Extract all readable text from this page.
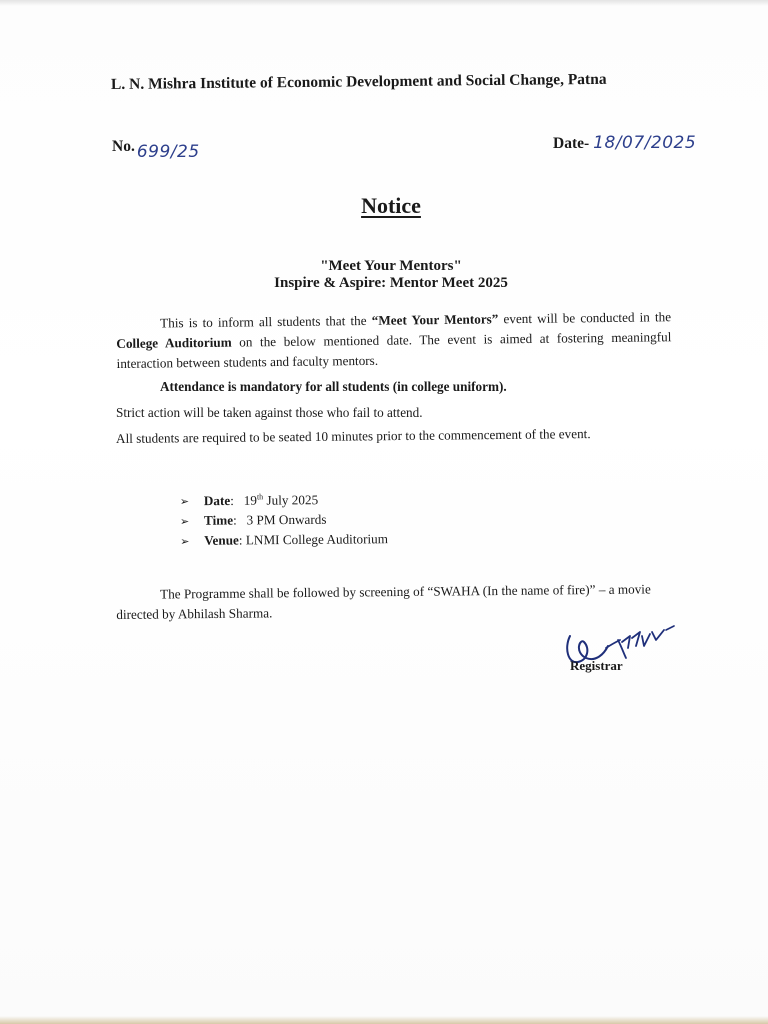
L. N. Mishra Institute of Economic Development and Social Change, Patna
No. 699/25	Date- 18/07/2025
Notice
"Meet Your Mentors"
Inspire & Aspire: Mentor Meet 2025
This is to inform all students that the “Meet Your Mentors” event will be conducted in the College Auditorium on the below mentioned date. The event is aimed at fostering meaningful interaction between students and faculty mentors.
Attendance is mandatory for all students (in college uniform).
Strict action will be taken against those who fail to attend.
All students are required to be seated 10 minutes prior to the commencement of the event.
➢ Date:   19th July 2025
➢ Time:   3 PM Onwards
➢ Venue: LNMI College Auditorium
The Programme shall be followed by screening of “SWAHA (In the name of fire)” – a movie directed by Abhilash Sharma.
Registrar
